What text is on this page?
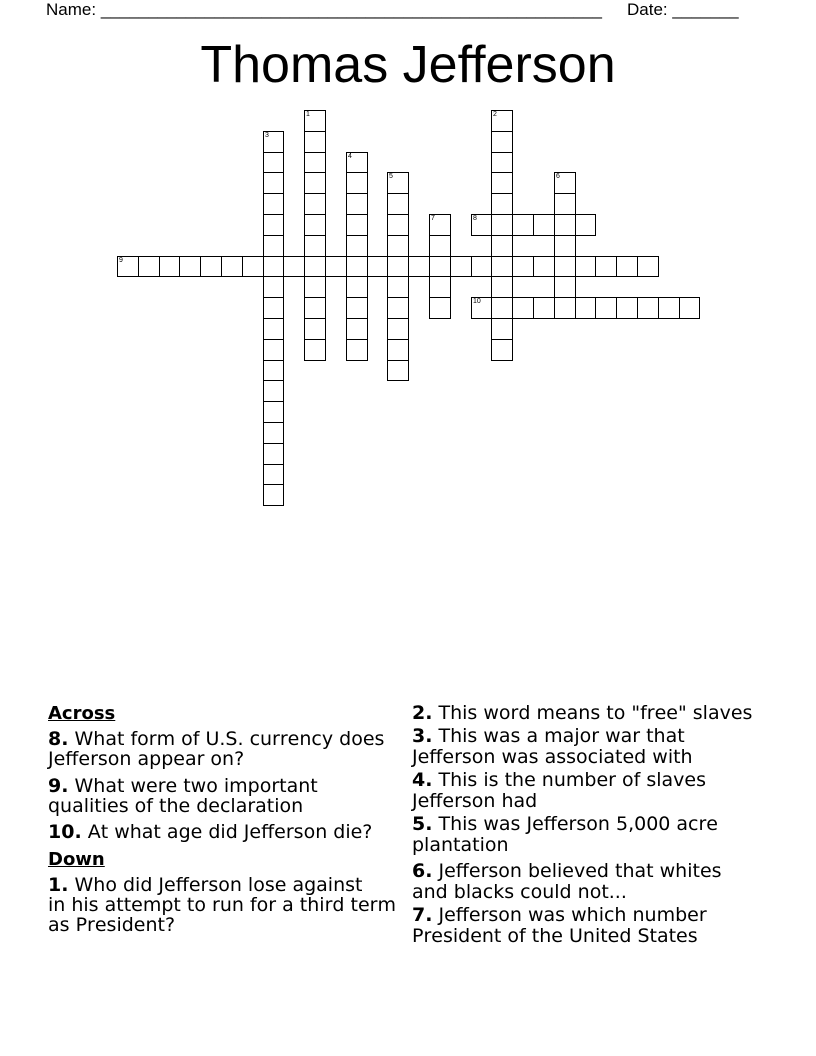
Name: _____________________________________________________ Date: _______
Thomas Jefferson
1	2
3
4
5	6
7	8
9
10
Across
8. What form of U.S. currency does Jefferson appear on?
9. What were two important qualities of the declaration
10. At what age did Jefferson die?
Down
1. Who did Jefferson lose against
in his attempt to run for a third term as President?
2. This word means to "free" slaves
3. This was a major war that Jefferson was associated with
4. This is the number of slaves Jefferson had
5. This was Jefferson 5,000 acre plantation
6. Jefferson believed that whites and blacks could not...
7. Jefferson was which number President of the United States
